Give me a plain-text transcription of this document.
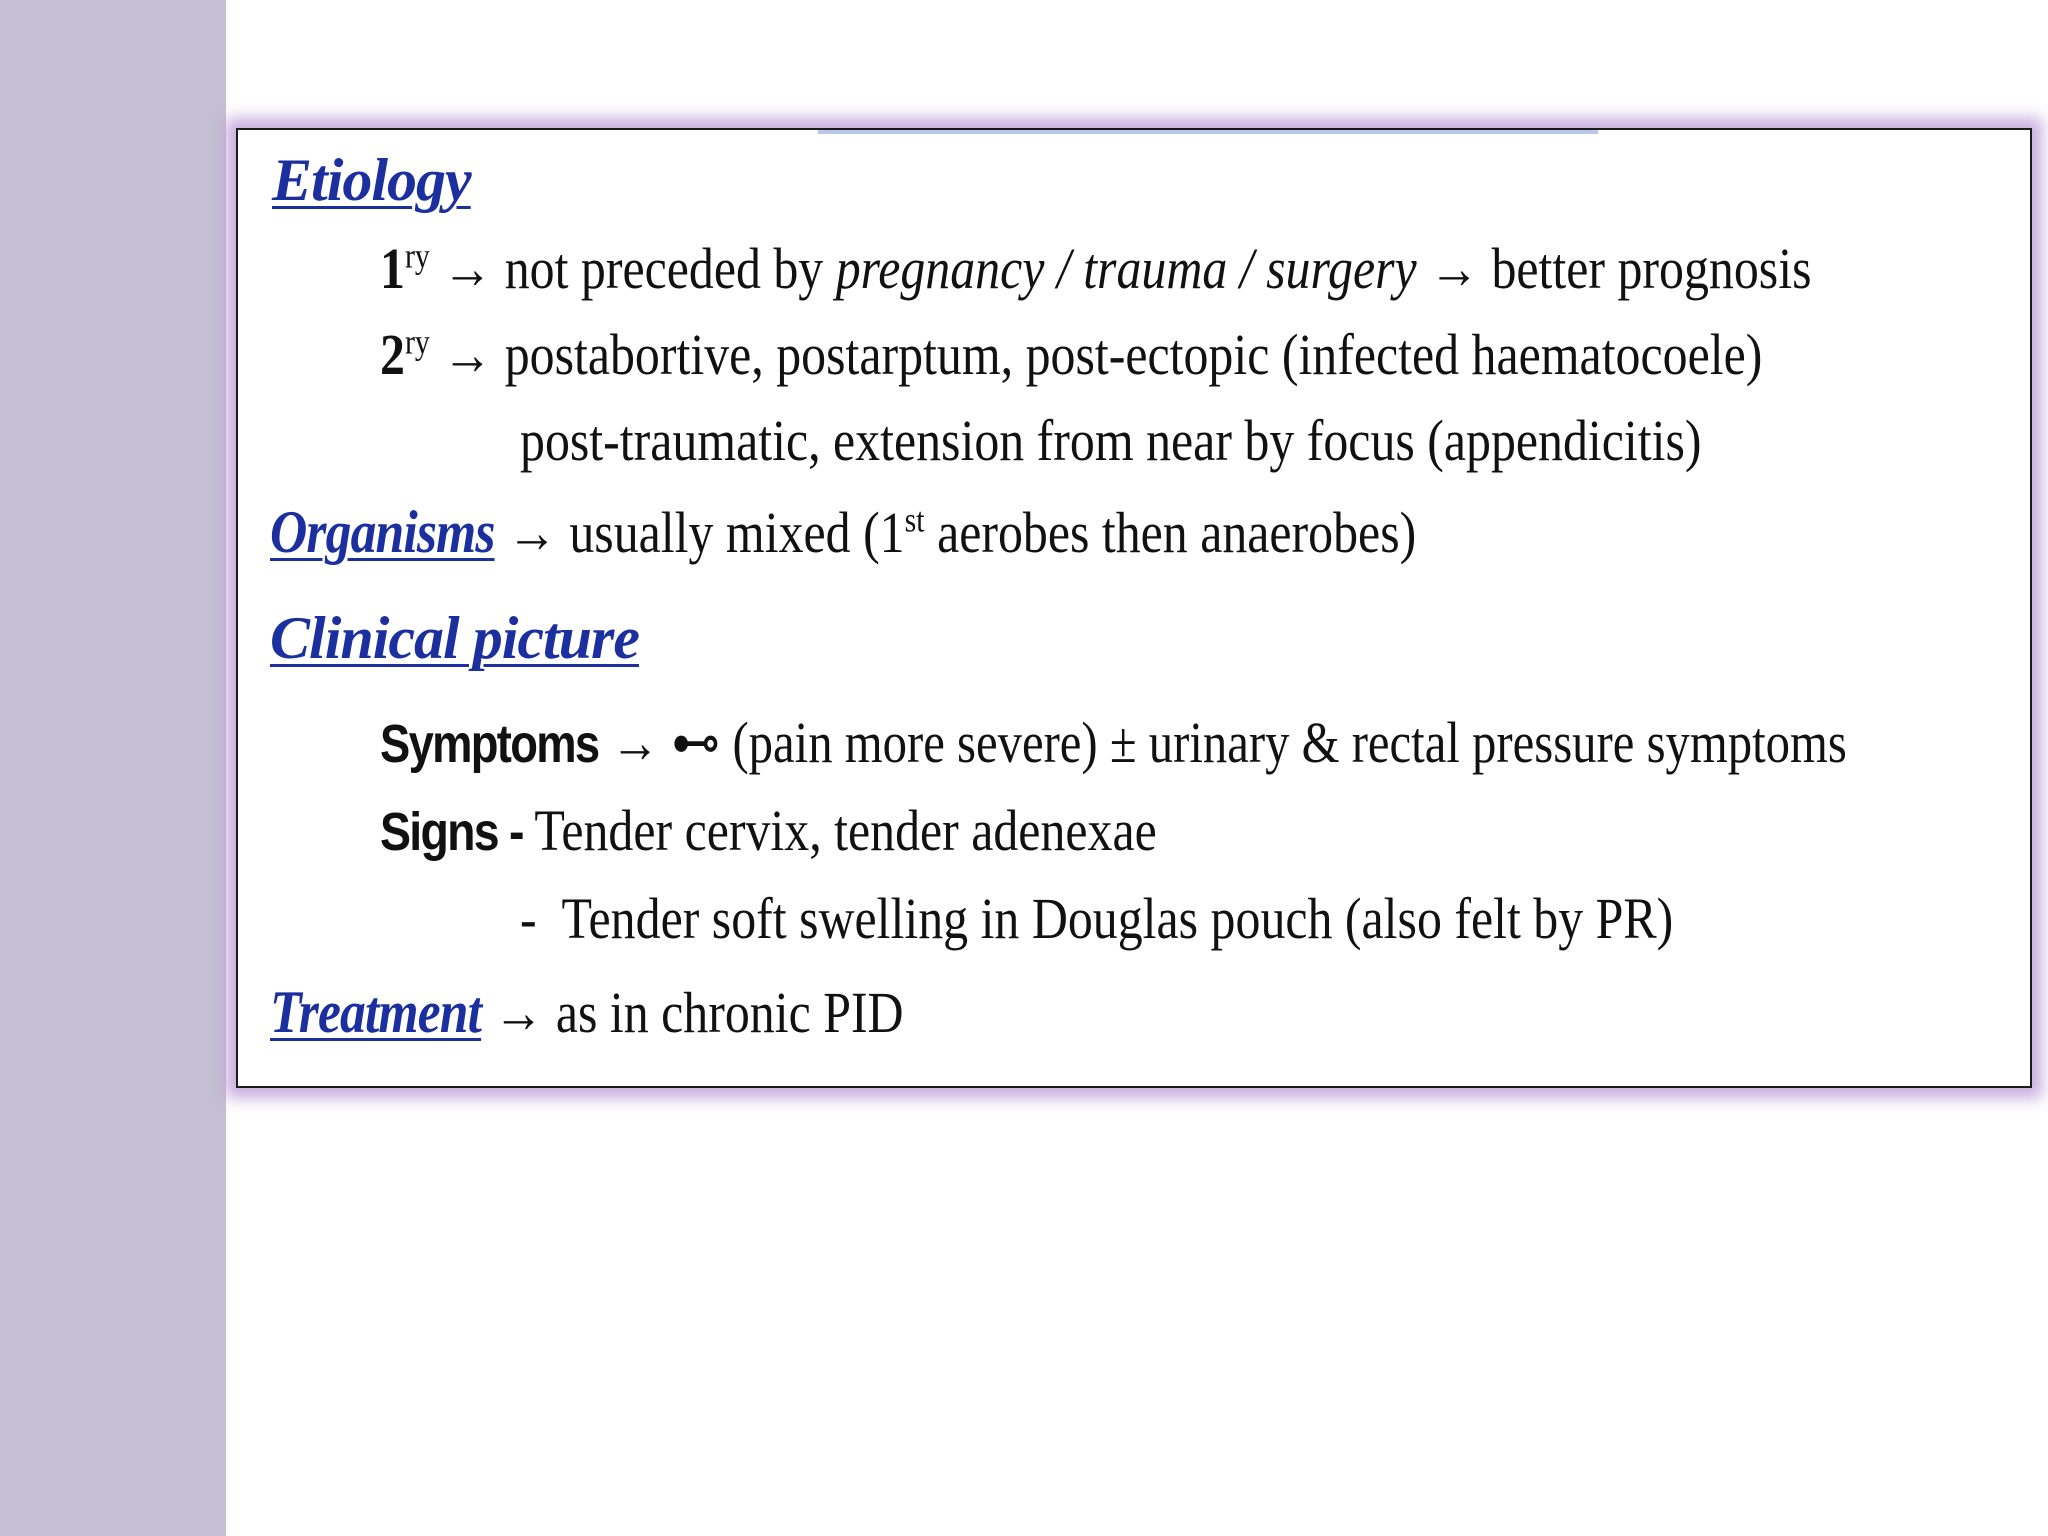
Etiology
$1^{ry}$ → not preceded by pregnancy / trauma / surgery → better prognosis
$2^{ry}$ → postabortive, postarptum, post-ectopic (infected haematocoele)
post-traumatic, extension from near by focus (appendicitis)
Organisms → usually mixed (1st aerobes then anaerobes)
Clinical picture
Symptoms → ⊷ (pain more severe) ± urinary & rectal pressure symptoms
Signs - Tender cervix, tender adenexae
- Tender soft swelling in Douglas pouch (also felt by PR)
Treatment → as in chronic PID
